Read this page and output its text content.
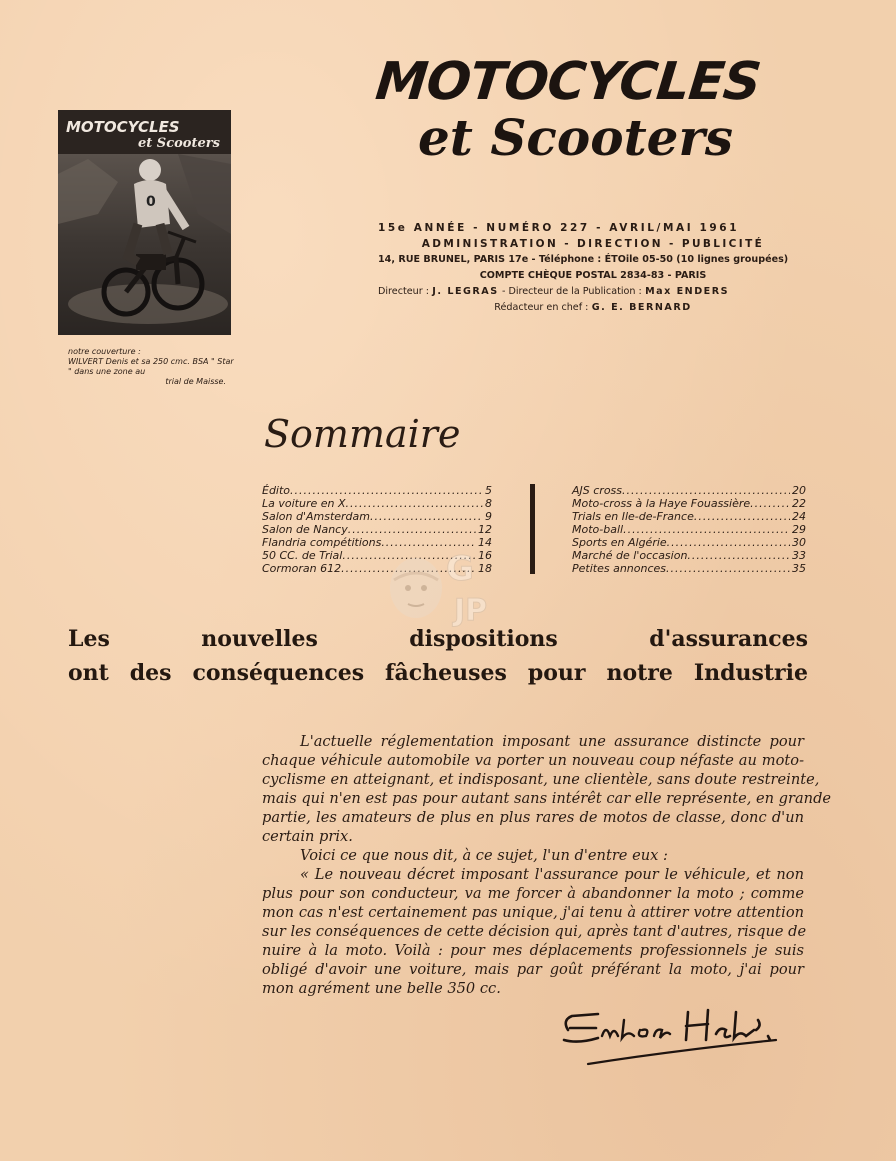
MOTOCYCLES
et Scooters
0
MOTOCYCLES
et Scooters
notre couverture :
WILVERT Denis et sa 250 cmc. BSA " Star " dans une zone au
trial de Maisse.
15e ANNÉE - NUMÉRO 227 - AVRIL/MAI 1961
ADMINISTRATION - DIRECTION - PUBLICITÉ
14, RUE BRUNEL, PARIS 17e - Téléphone : ÉTOile 05-50 (10 lignes groupées)
COMPTE CHÈQUE POSTAL 2834-83 - PARIS
Directeur : J. LEGRAS - Directeur de la Publication : Max ENDERS
Rédacteur en chef : G. E. BERNARD
Sommaire
Édito .....	5
La voiture en X .....	8
Salon d'Amsterdam .....	9
Salon de Nancy .....	12
Flandria compétitions .....	14
50 CC. de Trial .....	16
Cormoran 612 .....	18
AJS cross .....	20
Moto-cross à la Haye Fouassière .....	22
Trials en Ile-de-France .....	24
Moto-ball .....	29
Sports en Algérie .....	30
Marché de l'occasion .....	33
Petites annonces .....	35
G
JP
Les nouvelles dispositions d'assurances
ont des conséquences fâcheuses pour notre Industrie
L'actuelle réglementation imposant une assurance distincte pour
chaque véhicule automobile va porter un nouveau coup néfaste au moto-
cyclisme en atteignant, et indisposant, une clientèle, sans doute restreinte,
mais qui n'en est pas pour autant sans intérêt car elle représente, en grande
partie, les amateurs de plus en plus rares de motos de classe, donc d'un
certain prix.
Voici ce que nous dit, à ce sujet, l'un d'entre eux :
« Le nouveau décret imposant l'assurance pour le véhicule, et non
plus pour son conducteur, va me forcer à abandonner la moto ; comme
mon cas n'est certainement pas unique, j'ai tenu à attirer votre attention
sur les conséquences de cette décision qui, après tant d'autres, risque de
nuire à la moto. Voilà : pour mes déplacements professionnels je suis
obligé d'avoir une voiture, mais par goût préférant la moto, j'ai pour
mon agrément une belle 350 cc.
Enders Max
